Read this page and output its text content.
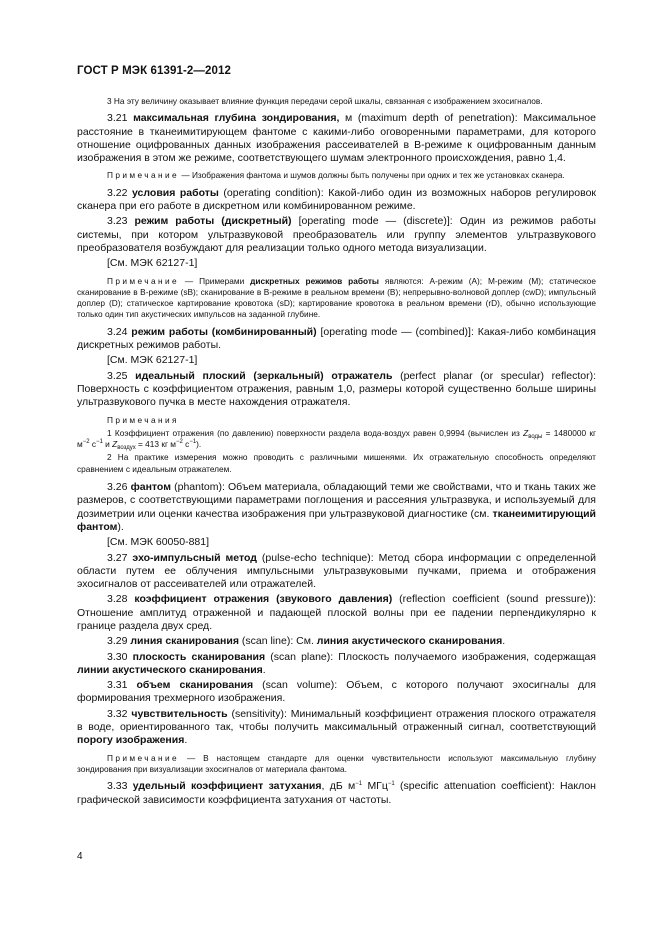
ГОСТ Р МЭК 61391-2—2012

3 На эту величину оказывает влияние функция передачи серой шкалы, связанная с изображением эхосигналов.

3.21 максимальная глубина зондирования, м (maximum depth of penetration): Максимальное расстояние в тканеимитирующем фантоме с какими-либо оговоренными параметрами, для которого отношение оцифрованных данных изображения рассеивателей в В-режиме к оцифрованным данным изображения в этом же режиме, соответствующего шумам электронного происхождения, равно 1,4.

Примечание — Изображения фантома и шумов должны быть получены при одних и тех же установках сканера.

3.22 условия работы (operating condition): Какой-либо один из возможных наборов регулировок сканера при его работе в дискретном или комбинированном режиме.

3.23 режим работы (дискретный) [operating mode — (discrete)]: Один из режимов работы системы, при котором ультразвуковой преобразователь или группу элементов ультразвукового преобразователя возбуждают для реализации только одного метода визуализации.

[См. МЭК 62127-1]

Примечание — Примерами дискретных режимов работы являются: А-режим (А); М-режим (М); статическое сканирование в В-режиме (sB); сканирование в В-режиме в реальном времени (В); непрерывно-волновой доплер (cwD); импульсный доплер (D); статическое картирование кровотока (sD); картирование кровотока в реальном времени (rD), обычно использующие только один тип акустических импульсов на заданной глубине.

3.24 режим работы (комбинированный) [operating mode — (combined)]: Какая-либо комбинация дискретных режимов работы.

[См. МЭК 62127-1]

3.25 идеальный плоский (зеркальный) отражатель (perfect planar (or specular) reflector): Поверхность с коэффициентом отражения, равным 1,0, размеры которой существенно больше ширины ультразвукового пучка в месте нахождения отражателя.

Примечания

1 Коэффициент отражения (по давлению) поверхности раздела вода-воздух равен 0,9994 (вычислен из $Z_{воды} = 1480000$ кг $м^{-2}$ $с^{-1}$ и $Z_{воздух} = 413$ кг $м^{-2}$ $с^{-1}$).

2 На практике измерения можно проводить с различными мишенями. Их отражательную способность определяют сравнением с идеальным отражателем.

3.26 фантом (phantom): Объем материала, обладающий теми же свойствами, что и ткань таких же размеров, с соответствующими параметрами поглощения и рассеяния ультразвука, и используемый для дозиметрии или оценки качества изображения при ультразвуковой диагностике (см. тканеимитирующий фантом).

[См. МЭК 60050-881]

3.27 эхо-импульсный метод (pulse-echo technique): Метод сбора информации с определенной области путем ее облучения импульсными ультразвуковыми пучками, приема и отображения эхосигналов от рассеивателей или отражателей.

3.28 коэффициент отражения (звукового давления) (reflection coefficient (sound pressure)): Отношение амплитуд отраженной и падающей плоской волны при ее падении перпендикулярно к границе раздела двух сред.

3.29 линия сканирования (scan line): См. линия акустического сканирования.

3.30 плоскость сканирования (scan plane): Плоскость получаемого изображения, содержащая линии акустического сканирования.

3.31 объем сканирования (scan volume): Объем, с которого получают эхосигналы для формирования трехмерного изображения.

3.32 чувствительность (sensitivity): Минимальный коэффициент отражения плоского отражателя в воде, ориентированного так, чтобы получить максимальный отраженный сигнал, соответствующий порогу изображения.

Примечание — В настоящем стандарте для оценки чувствительности используют максимальную глубину зондирования при визуализации эхосигналов от материала фантома.

3.33 удельный коэффициент затухания, дБ $м^{-1}$ МГц$^{-1}$ (specific attenuation coefficient): Наклон графической зависимости коэффициента затухания от частоты.

4
